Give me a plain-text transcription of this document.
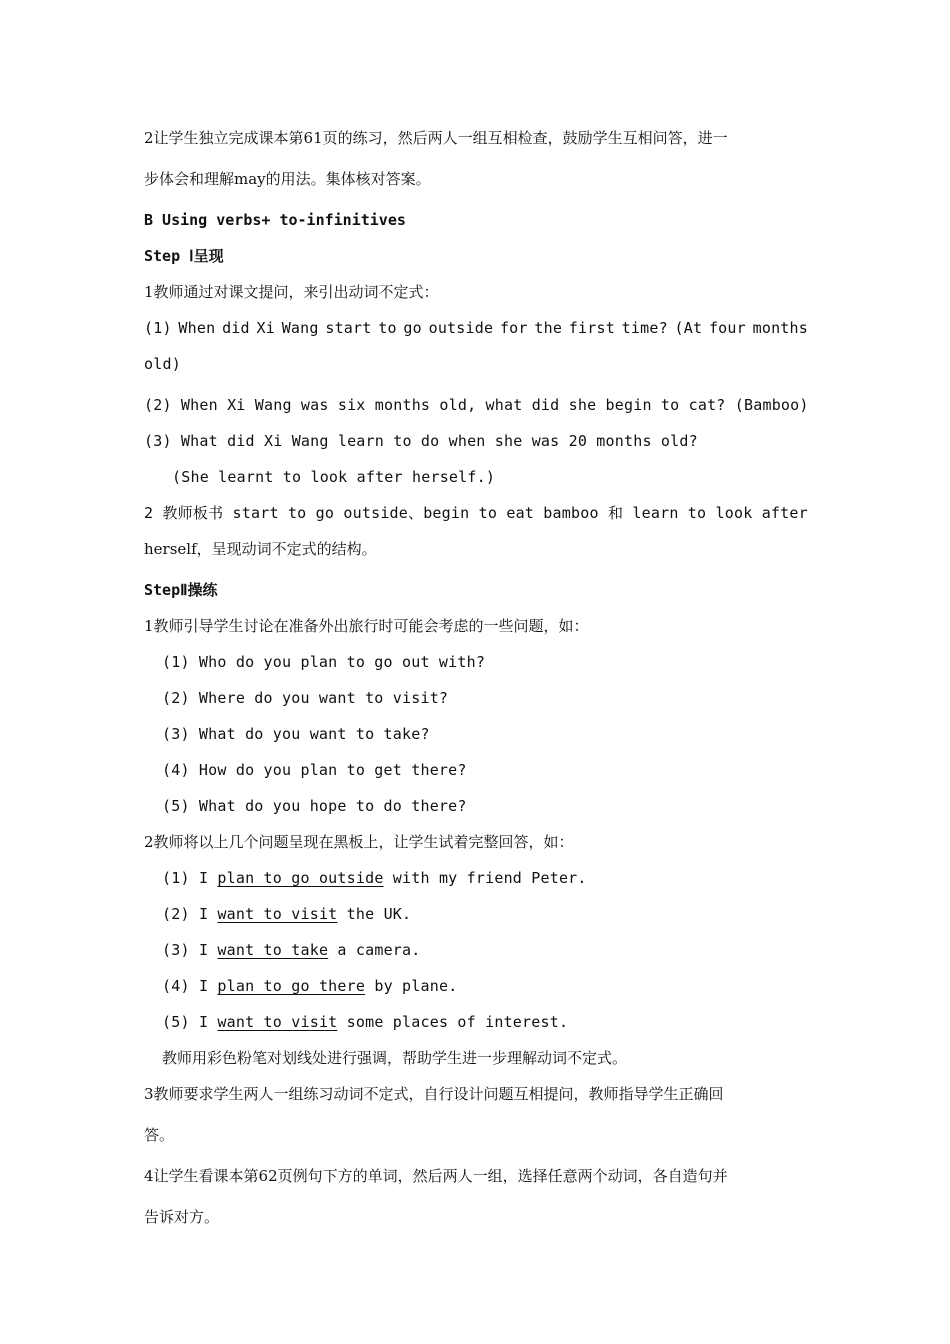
2让学生独立完成课本第61页的练习，然后两人一组互相检查，鼓励学生互相问答，进一
步体会和理解may的用法。集体核对答案。
B Using verbs+ to-infinitives
Step Ⅰ呈现
1教师通过对课文提问，来引出动词不定式：
(1) When did Xi Wang start to go outside for the first time? (At four months
old)
(2) When Xi Wang was six months old, what did she begin to cat? (Bamboo)
(3) What did Xi Wang learn to do when she was 20 months old?
(She learnt to look after herself.)
2 教师板书 start to go outside、begin to eat bamboo 和 learn to look after
herself，呈现动词不定式的结构。
StepⅡ操练
1教师引导学生讨论在准备外出旅行时可能会考虑的一些问题，如：
(1) Who do you plan to go out with?
(2) Where do you want to visit?
(3) What do you want to take?
(4) How do you plan to get there?
(5) What do you hope to do there?
2教师将以上几个问题呈现在黑板上，让学生试着完整回答，如：
(1) I plan to go outside with my friend Peter.
(2) I want to visit the UK.
(3) I want to take a camera.
(4) I plan to go there by plane.
(5) I want to visit some places of interest.
教师用彩色粉笔对划线处进行强调，帮助学生进一步理解动词不定式。
3教师要求学生两人一组练习动词不定式，自行设计问题互相提问，教师指导学生正确回
答。
4让学生看课本第62页例句下方的单词，然后两人一组，选择任意两个动词，各自造句并
告诉对方。
